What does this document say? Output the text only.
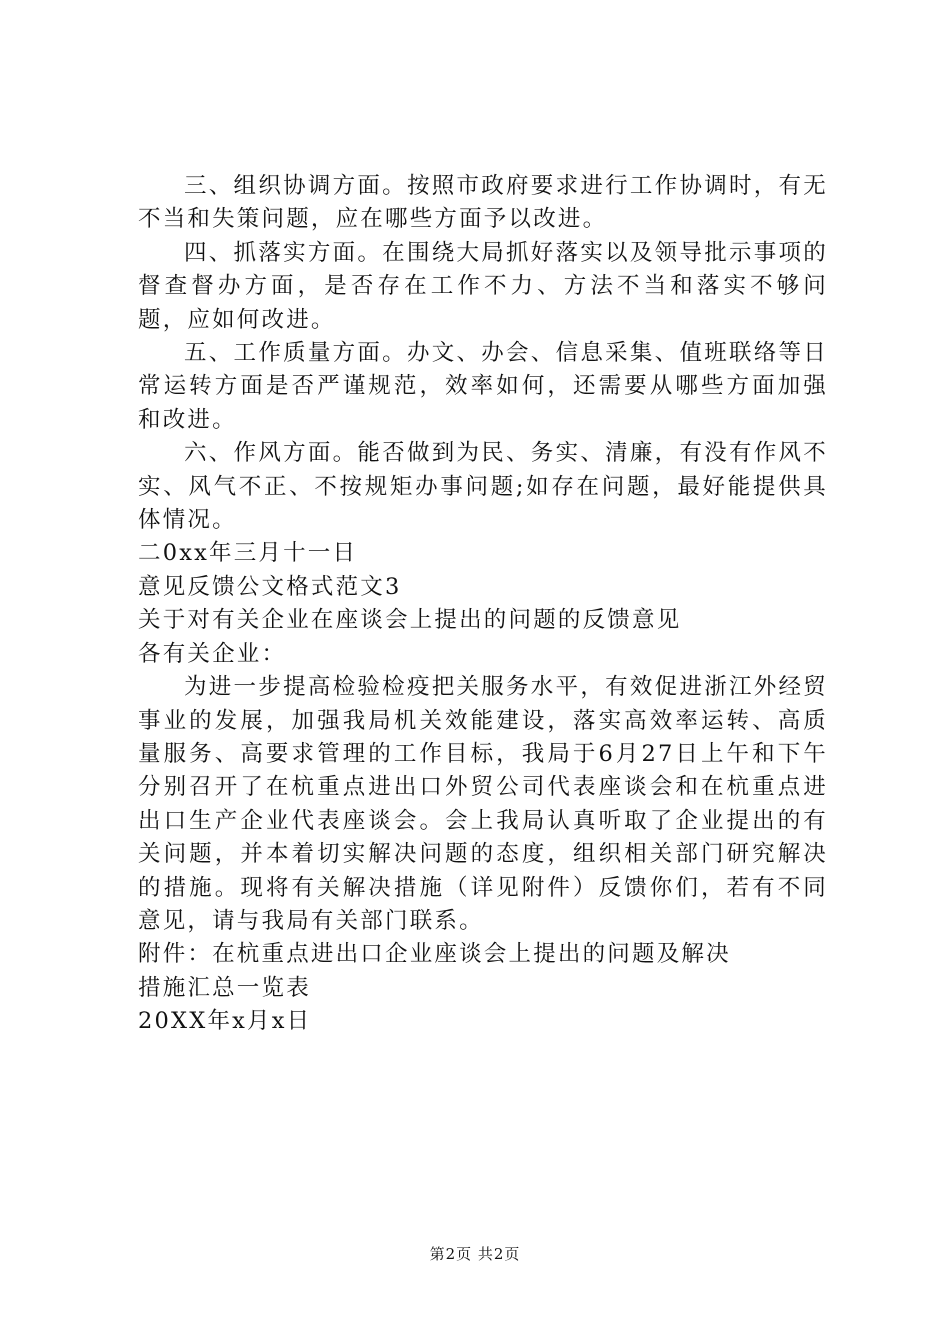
三、组织协调方面。按照市政府要求进行工作协调时，有无不当和失策问题，应在哪些方面予以改进。

四、抓落实方面。在围绕大局抓好落实以及领导批示事项的督查督办方面，是否存在工作不力、方法不当和落实不够问题，应如何改进。

五、工作质量方面。办文、办会、信息采集、值班联络等日常运转方面是否严谨规范，效率如何，还需要从哪些方面加强和改进。

六、作风方面。能否做到为民、务实、清廉，有没有作风不实、风气不正、不按规矩办事问题;如存在问题，最好能提供具体情况。

二0xx年三月十一日

意见反馈公文格式范文3

关于对有关企业在座谈会上提出的问题的反馈意见

各有关企业：

为进一步提高检验检疫把关服务水平，有效促进浙江外经贸事业的发展，加强我局机关效能建设，落实高效率运转、高质量服务、高要求管理的工作目标，我局于6月27日上午和下午分别召开了在杭重点进出口外贸公司代表座谈会和在杭重点进出口生产企业代表座谈会。会上我局认真听取了企业提出的有关问题，并本着切实解决问题的态度，组织相关部门研究解决的措施。现将有关解决措施（详见附件）反馈你们，若有不同意见，请与我局有关部门联系。

附件：在杭重点进出口企业座谈会上提出的问题及解决

措施汇总一览表

20XX年x月x日

第2页 共2页
